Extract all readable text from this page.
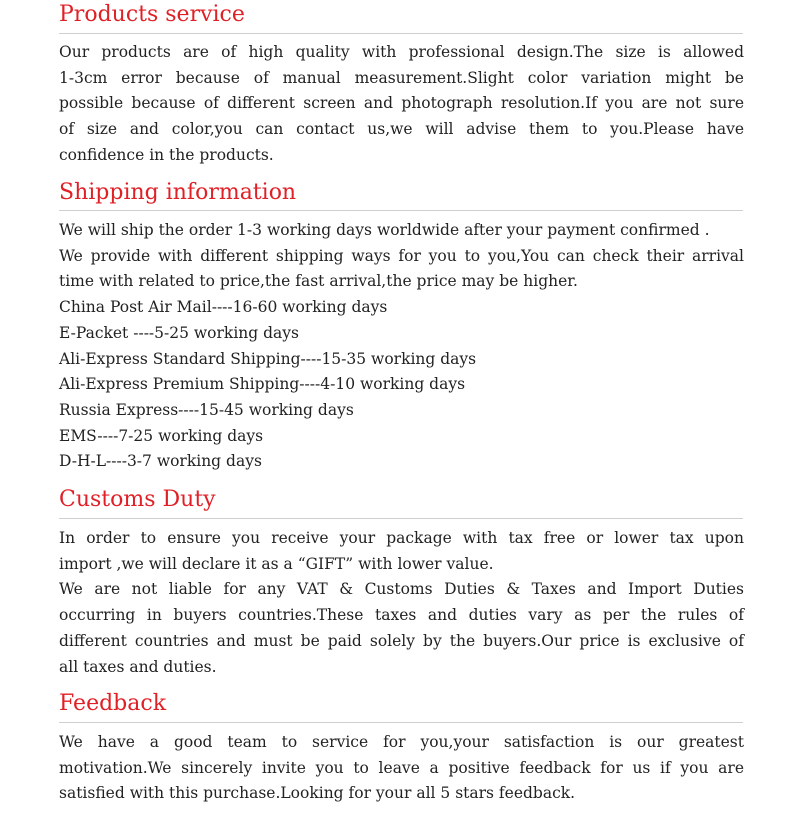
Products service
Our products are of high quality with professional design.The size is allowed
1-3cm error because of manual measurement.Slight color variation might be
possible because of different screen and photograph resolution.If you are not sure
of size and color,you can contact us,we will advise them to you.Please have
confidence in the products.
Shipping information
We will ship the order 1-3 working days worldwide after your payment confirmed .
We provide with different shipping ways for you to you,You can check their arrival
time with related to price,the fast arrival,the price may be higher.
China Post Air Mail----16-60 working days
E-Packet ----5-25 working days
Ali-Express Standard Shipping----15-35 working days
Ali-Express Premium Shipping----4-10 working days
Russia Express----15-45 working days
EMS----7-25 working days
D-H-L----3-7 working days
Customs Duty
In order to ensure you receive your package with tax free or lower tax upon
import ,we will declare it as a “GIFT” with lower value.
We are not liable for any VAT & Customs Duties & Taxes and Import Duties
occurring in buyers countries.These taxes and duties vary as per the rules of
different countries and must be paid solely by the buyers.Our price is exclusive of
all taxes and duties.
Feedback
We have a good team to service for you,your satisfaction is our greatest
motivation.We sincerely invite you to leave a positive feedback for us if you are
satisfied with this purchase.Looking for your all 5 stars feedback.
